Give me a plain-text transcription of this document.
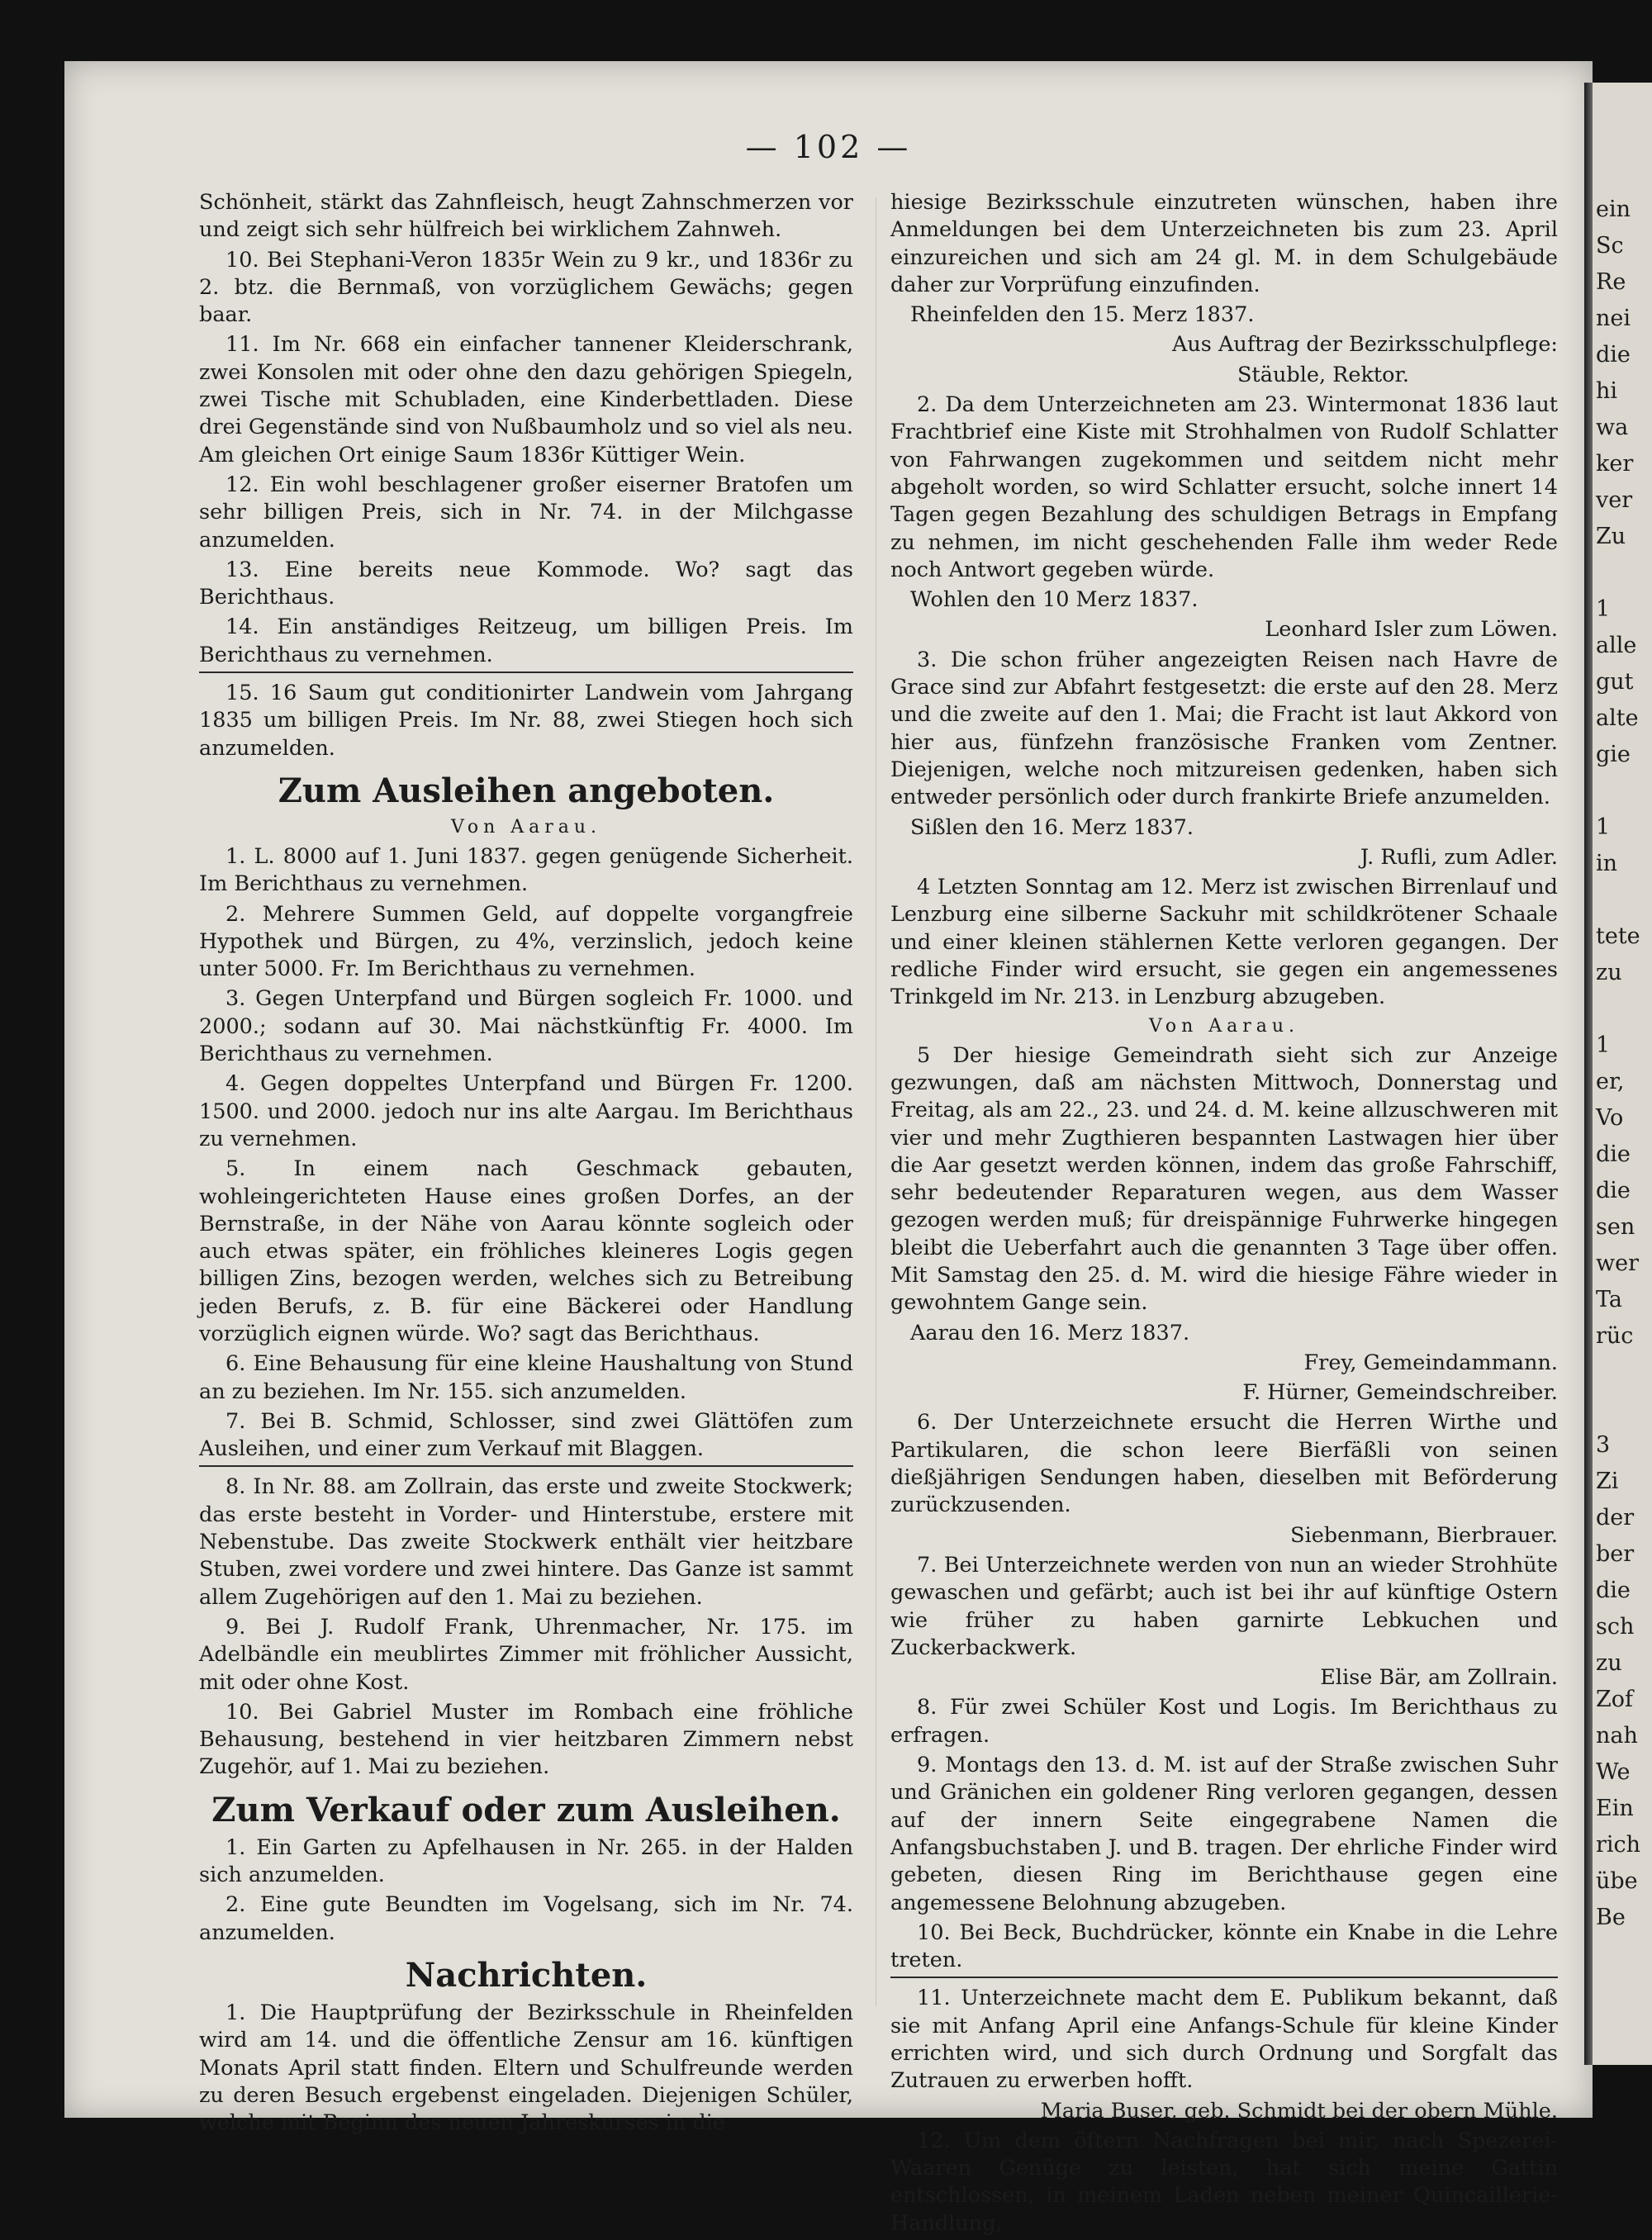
— 102 —

Schönheit, stärkt das Zahnfleisch, heugt Zahnschmerzen vor und zeigt sich sehr hülfreich bei wirklichem Zahnweh.

10. Bei Stephani-Veron 1835r Wein zu 9 kr., und 1836r zu 2. btz. die Bernmaß, von vorzüglichem Gewächs; gegen baar.

11. Im Nr. 668 ein einfacher tannener Kleiderschrank, zwei Konsolen mit oder ohne den dazu gehörigen Spiegeln, zwei Tische mit Schubladen, eine Kinderbettladen. Diese drei Gegenstände sind von Nußbaumholz und so viel als neu. Am gleichen Ort einige Saum 1836r Küttiger Wein.

12. Ein wohl beschlagener großer eiserner Bratofen um sehr billigen Preis, sich in Nr. 74. in der Milchgasse anzumelden.

13. Eine bereits neue Kommode. Wo? sagt das Berichthaus.

14. Ein anständiges Reitzeug, um billigen Preis. Im Berichthaus zu vernehmen.

15. 16 Saum gut conditionirter Landwein vom Jahrgang 1835 um billigen Preis. Im Nr. 88, zwei Stiegen hoch sich anzumelden.

Zum Ausleihen angeboten.
Von Aarau.

1. L. 8000 auf 1. Juni 1837. gegen genügende Sicherheit. Im Berichthaus zu vernehmen.

2. Mehrere Summen Geld, auf doppelte vorgangfreie Hypothek und Bürgen, zu 4%, verzinslich, jedoch keine unter 5000. Fr. Im Berichthaus zu vernehmen.

3. Gegen Unterpfand und Bürgen sogleich Fr. 1000. und 2000.; sodann auf 30. Mai nächstkünftig Fr. 4000. Im Berichthaus zu vernehmen.

4. Gegen doppeltes Unterpfand und Bürgen Fr. 1200. 1500. und 2000. jedoch nur ins alte Aargau. Im Berichthaus zu vernehmen.

5. In einem nach Geschmack gebauten, wohleingerichteten Hause eines großen Dorfes, an der Bernstraße, in der Nähe von Aarau könnte sogleich oder auch etwas später, ein fröhliches kleineres Logis gegen billigen Zins, bezogen werden, welches sich zu Betreibung jeden Berufs, z. B. für eine Bäckerei oder Handlung vorzüglich eignen würde. Wo? sagt das Berichthaus.

6. Eine Behausung für eine kleine Haushaltung von Stund an zu beziehen. Im Nr. 155. sich anzumelden.

7. Bei B. Schmid, Schlosser, sind zwei Glättöfen zum Ausleihen, und einer zum Verkauf mit Blaggen.

8. In Nr. 88. am Zollrain, das erste und zweite Stockwerk; das erste besteht in Vorder- und Hinterstube, erstere mit Nebenstube. Das zweite Stockwerk enthält vier heitzbare Stuben, zwei vordere und zwei hintere. Das Ganze ist sammt allem Zugehörigen auf den 1. Mai zu beziehen.

9. Bei J. Rudolf Frank, Uhrenmacher, Nr. 175. im Adelbändle ein meublirtes Zimmer mit fröhlicher Aussicht, mit oder ohne Kost.

10. Bei Gabriel Muster im Rombach eine fröhliche Behausung, bestehend in vier heitzbaren Zimmern nebst Zugehör, auf 1. Mai zu beziehen.

Zum Verkauf oder zum Ausleihen.

1. Ein Garten zu Apfelhausen in Nr. 265. in der Halden sich anzumelden.

2. Eine gute Beundten im Vogelsang, sich im Nr. 74. anzumelden.

Nachrichten.

1. Die Hauptprüfung der Bezirksschule in Rheinfelden wird am 14. und die öffentliche Zensur am 16. künftigen Monats April statt finden. Eltern und Schulfreunde werden zu deren Besuch ergebenst eingeladen. Diejenigen Schüler, welche mit Beginn des neuen Jahreskurses in die

hiesige Bezirksschule einzutreten wünschen, haben ihre Anmeldungen bei dem Unterzeichneten bis zum 23. April einzureichen und sich am 24 gl. M. in dem Schulgebäude daher zur Vorprüfung einzufinden.

Rheinfelden den 15. Merz 1837.
Aus Auftrag der Bezirksschulpflege:
Stäuble, Rektor.

2. Da dem Unterzeichneten am 23. Wintermonat 1836 laut Frachtbrief eine Kiste mit Strohhalmen von Rudolf Schlatter von Fahrwangen zugekommen und seitdem nicht mehr abgeholt worden, so wird Schlatter ersucht, solche innert 14 Tagen gegen Bezahlung des schuldigen Betrags in Empfang zu nehmen, im nicht geschehenden Falle ihm weder Rede noch Antwort gegeben würde.

Wohlen den 10 Merz 1837.
Leonhard Isler zum Löwen.

3. Die schon früher angezeigten Reisen nach Havre de Grace sind zur Abfahrt festgesetzt: die erste auf den 28. Merz und die zweite auf den 1. Mai; die Fracht ist laut Akkord von hier aus, fünfzehn französische Franken vom Zentner. Diejenigen, welche noch mitzureisen gedenken, haben sich entweder persönlich oder durch frankirte Briefe anzumelden.

Sißlen den 16. Merz 1837.
J. Rufli, zum Adler.

4 Letzten Sonntag am 12. Merz ist zwischen Birrenlauf und Lenzburg eine silberne Sackuhr mit schildkrötener Schaale und einer kleinen stählernen Kette verloren gegangen. Der redliche Finder wird ersucht, sie gegen ein angemessenes Trinkgeld im Nr. 213. in Lenzburg abzugeben.

Von Aarau.

5 Der hiesige Gemeindrath sieht sich zur Anzeige gezwungen, daß am nächsten Mittwoch, Donnerstag und Freitag, als am 22., 23. und 24. d. M. keine allzuschweren mit vier und mehr Zugthieren bespannten Lastwagen hier über die Aar gesetzt werden können, indem das große Fahrschiff, sehr bedeutender Reparaturen wegen, aus dem Wasser gezogen werden muß; für dreispännige Fuhrwerke hingegen bleibt die Ueberfahrt auch die genannten 3 Tage über offen. Mit Samstag den 25. d. M. wird die hiesige Fähre wieder in gewohntem Gange sein.

Aarau den 16. Merz 1837.
Frey, Gemeindammann.
F. Hürner, Gemeindschreiber.

6. Der Unterzeichnete ersucht die Herren Wirthe und Partikularen, die schon leere Bierfäßli von seinen dießjährigen Sendungen haben, dieselben mit Beförderung zurückzusenden.

Siebenmann, Bierbrauer.

7. Bei Unterzeichnete werden von nun an wieder Strohhüte gewaschen und gefärbt; auch ist bei ihr auf künftige Ostern wie früher zu haben garnirte Lebkuchen und Zuckerbackwerk.

Elise Bär, am Zollrain.

8. Für zwei Schüler Kost und Logis. Im Berichthaus zu erfragen.

9. Montags den 13. d. M. ist auf der Straße zwischen Suhr und Gränichen ein goldener Ring verloren gegangen, dessen auf der innern Seite eingegrabene Namen die Anfangsbuchstaben J. und B. tragen. Der ehrliche Finder wird gebeten, diesen Ring im Berichthause gegen eine angemessene Belohnung abzugeben.

10. Bei Beck, Buchdrücker, könnte ein Knabe in die Lehre treten.

11. Unterzeichnete macht dem E. Publikum bekannt, daß sie mit Anfang April eine Anfangs-Schule für kleine Kinder errichten wird, und sich durch Ordnung und Sorgfalt das Zutrauen zu erwerben hofft.

Maria Buser, geb. Schmidt bei der obern Mühle.

12. Um dem öftern Nachfragen bei mir, nach Spezerei-Waaren Genüge zu leisten, hat sich meine Gattin entschlossen, in meinem Laden neben meiner Quincaillerie-Handlung,

ein
Sc
Re
nei
die
hi
wa
ker
ver
Zu
1
alle
gut
alte
gie
1
in
tete
zu
1
er,
Vo
die
die
sen
wer
Ta
rüc
3
Zi
der
ber
die
sch
zu
Zof
nah
We
Ein
rich
übe
Be
